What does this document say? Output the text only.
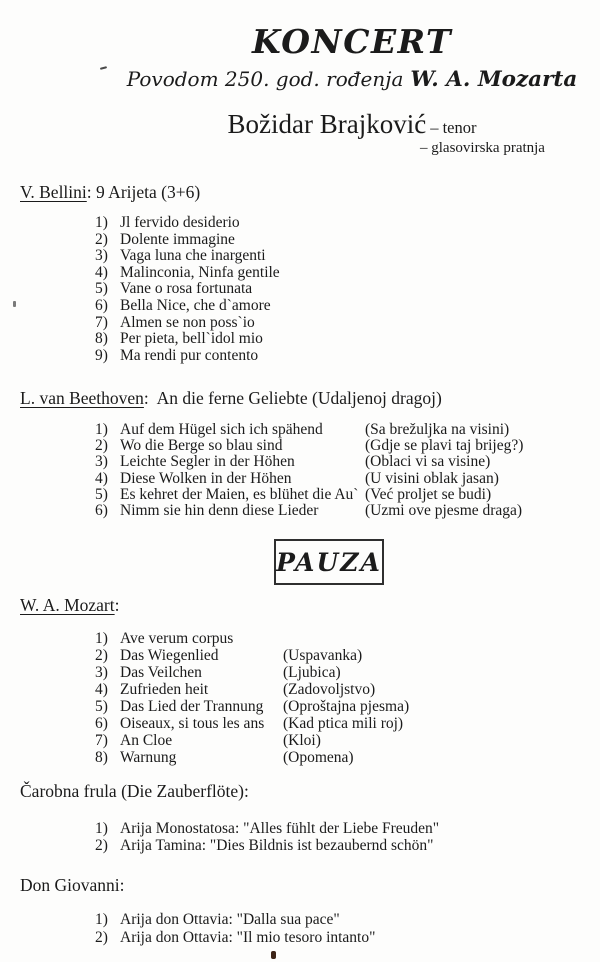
KONCERT
Povodom 250. god. rođenja W. A. Mozarta
Božidar Brajković – tenor
– glasovirska pratnja
V. Bellini: 9 Arijeta (3+6)
1) Jl fervido desiderio
2) Dolente immagine
3) Vaga luna che inargenti
4) Malinconia, Ninfa gentile
5) Vane o rosa fortunata
6) Bella Nice, che d`amore
7) Almen se non poss`io
8) Per pieta, bell`idol mio
9) Ma rendi pur contento
L. van Beethoven:  An die ferne Geliebte (Udaljenoj dragoj)
1) Auf dem Hügel sich ich spähend	(Sa brežuljka na visini)
2) Wo die Berge so blau sind	(Gdje se plavi taj brijeg?)
3) Leichte Segler in der Höhen	(Oblaci vi sa visine)
4) Diese Wolken in der Höhen	(U visini oblak jasan)
5) Es kehret der Maien, es blühet die Au` (Već proljet se budi)
6) Nimm sie hin denn diese Lieder	(Uzmi ove pjesme draga)
PAUZA
W. A. Mozart:
1) Ave verum corpus
2) Das Wiegenlied	(Uspavanka)
3) Das Veilchen	(Ljubica)
4) Zufrieden heit	(Zadovoljstvo)
5) Das Lied der Trannung	(Oproštajna pjesma)
6) Oiseaux, si tous les ans	(Kad ptica mili roj)
7) An Cloe	(Kloi)
8) Warnung	(Opomena)
Čarobna frula (Die Zauberflöte):
1) Arija Monostatosa: "Alles fühlt der Liebe Freuden"
2) Arija Tamina: "Dies Bildnis ist bezaubernd schön"
Don Giovanni:
1) Arija don Ottavia: "Dalla sua pace"
2) Arija don Ottavia: "Il mio tesoro intanto"
